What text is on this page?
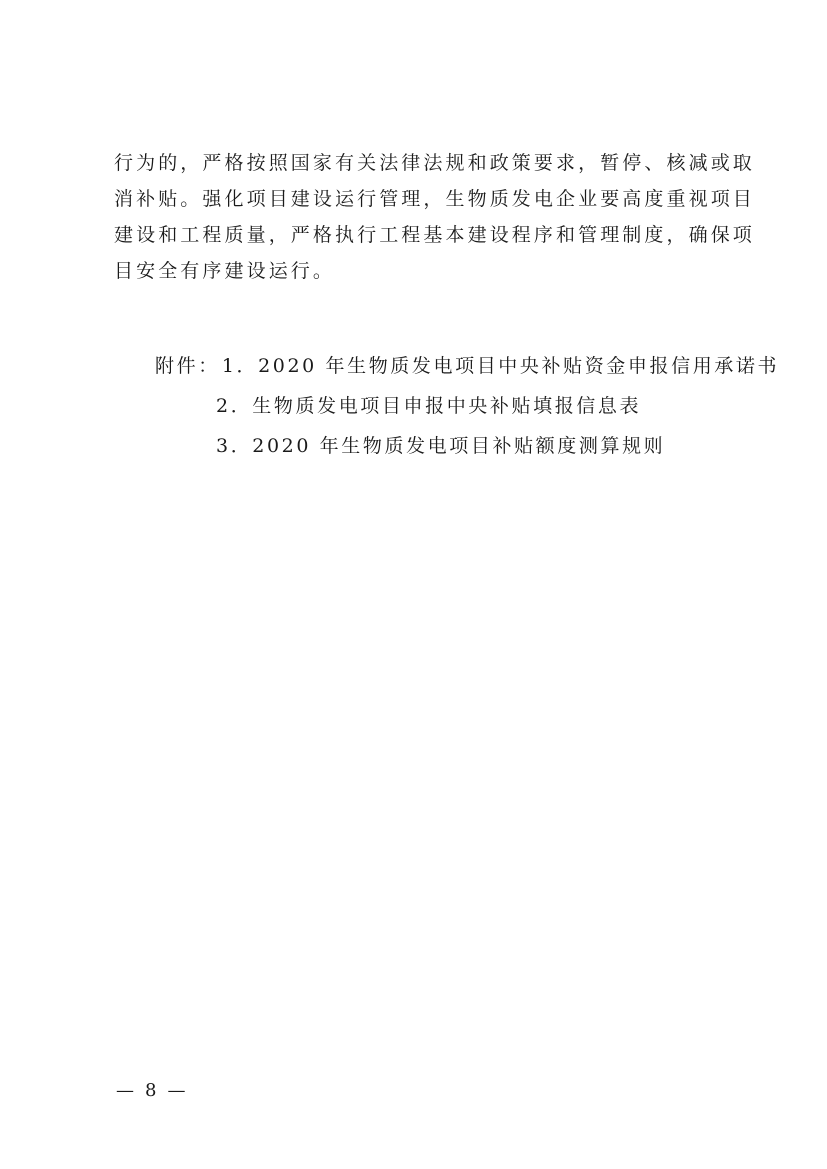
行为的，严格按照国家有关法律法规和政策要求，暂停、核减或取
消补贴。强化项目建设运行管理，生物质发电企业要高度重视项目
建设和工程质量，严格执行工程基本建设程序和管理制度，确保项
目安全有序建设运行。
附件： 1．2020 年生物质发电项目中央补贴资金申报信用承诺书
2．生物质发电项目申报中央补贴填报信息表
3．2020 年生物质发电项目补贴额度测算规则
— 8 —
